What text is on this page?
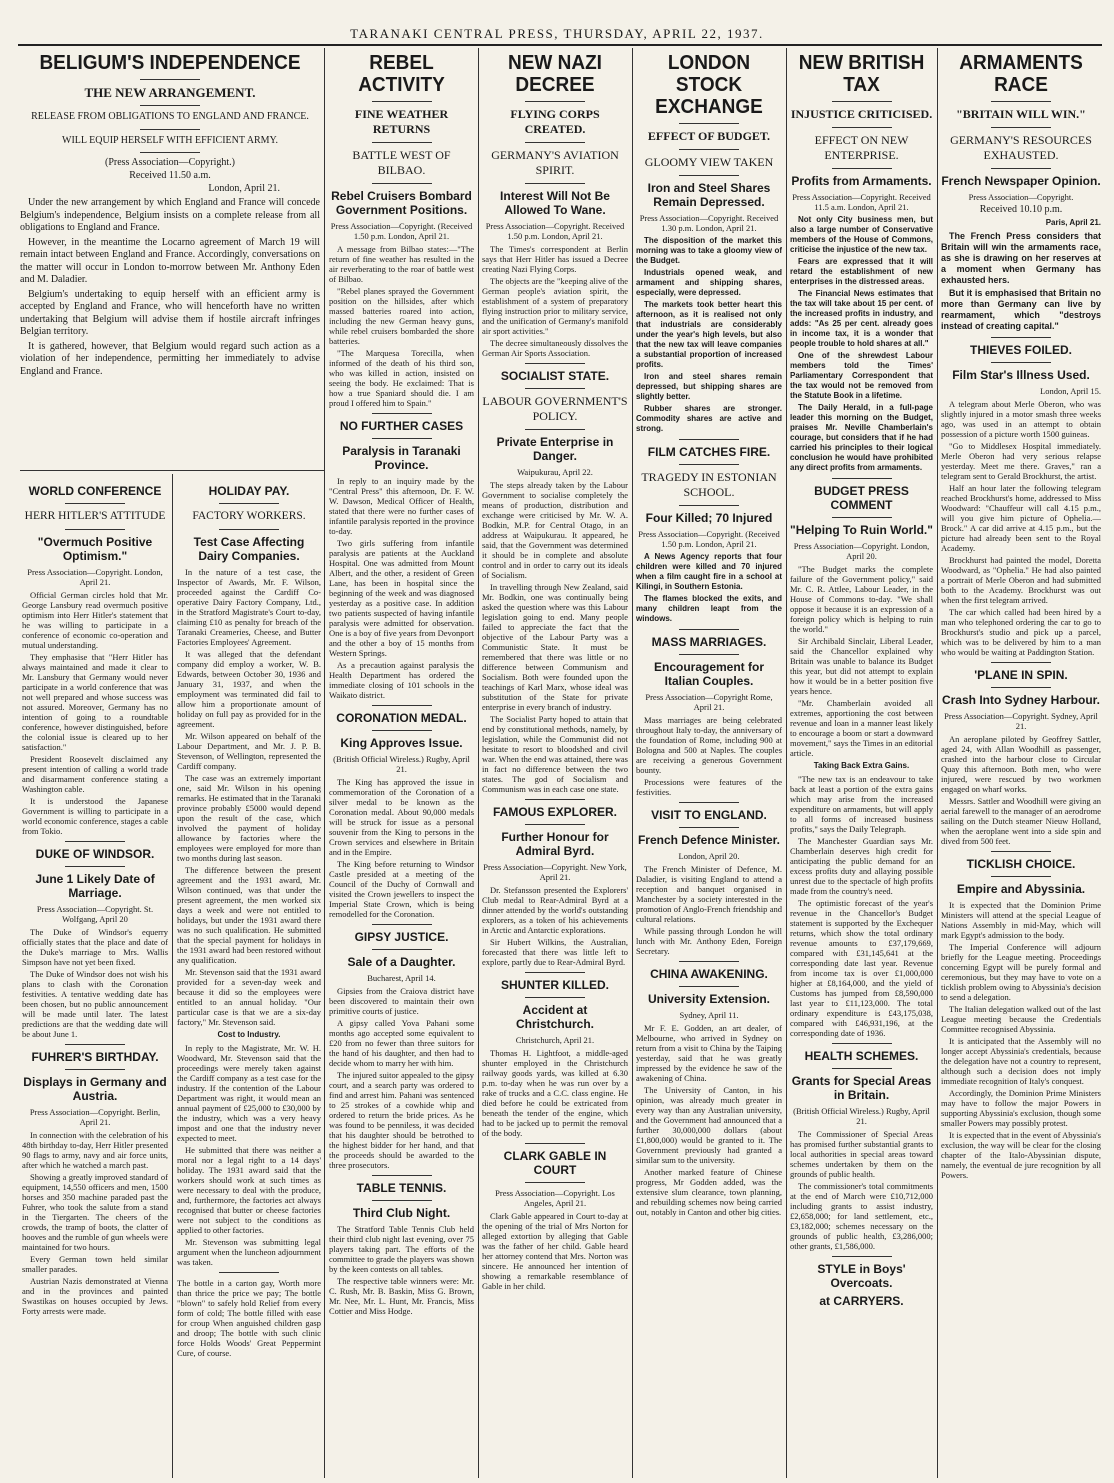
TARANAKI CENTRAL PRESS, THURSDAY, APRIL 22, 1937.
BELIGUM'S INDEPENDENCE
THE NEW ARRANGEMENT.
RELEASE FROM OBLIGATIONS TO ENGLAND AND FRANCE.
WILL EQUIP HERSELF WITH EFFICIENT ARMY.
(Press Association—Copyright.)
Received 11.50 a.m.
London, April 21.

Under the new arrangement by which England and France will concede Belgium's independence, Belgium insists on a complete release from all obligations to England and France.

However, in the meantime the Locarno agreement of March 19 will remain intact between England and France. Accordingly, conversations on the matter will occur in London to-morrow between Mr. Anthony Eden and M. Daladier.

Belgium's undertaking to equip herself with an efficient army is accepted by England and France, who will henceforth have no written undertaking that Belgium will advise them if hostile aircraft infringes Belgian territory.

It is gathered, however, that Belgium would regard such action as a violation of her independence, permitting her immediately to advise England and France.

WORLD CONFERENCE
HERR HITLER'S ATTITUDE
"Overmuch Positive Optimism."
Press Association—Copyright. London, April 21.

Official German circles hold that Mr. George Lansbury read overmuch positive optimism into Herr Hitler's statement that he was willing to participate in a conference of economic co-operation and mutual understanding.

They emphasise that "Herr Hitler has always maintained and made it clear to Mr. Lansbury that Germany would never participate in a world conference that was not well prepared and whose success was not assured. Moreover, Germany has no intention of going to a roundtable conference, however distinguished, before the colonial issue is cleared up to her satisfaction."

President Roosevelt disclaimed any present intention of calling a world trade and disarmament conference stating a Washington cable.

It is understood the Japanese Government is willing to participate in a world economic conference, stages a cable from Tokio.

DUKE OF WINDSOR.
June 1 Likely Date of Marriage.
Press Association—Copyright. St. Wolfgang, April 20

The Duke of Windsor's equerry officially states that the place and date of the Duke's marriage to Mrs. Wallis Simpson have not yet been fixed.

The Duke of Windsor does not wish his plans to clash with the Coronation festivities. A tentative wedding date has been chosen, but no public announcement will be made until later. The latest predictions are that the wedding date will be about June 1.

FUHRER'S BIRTHDAY.
Displays in Germany and Austria.
Press Association—Copyright. Berlin, April 21.

In connection with the celebration of his 48th birthday to-day, Herr Hitler presented 90 flags to army, navy and air force units, after which he watched a march past.

Showing a greatly improved standard of equipment, 14,550 officers and men, 1500 horses and 350 machine paraded past the Fuhrer, who took the salute from a stand in the Tiergarten. The cheers of the crowds, the tramp of boots, the clatter of hooves and the rumble of gun wheels were maintained for two hours.

Every German town held similar smaller parades.

Austrian Nazis demonstrated at Vienna and in the provinces and painted Swastikas on houses occupied by Jews. Forty arrests were made.

HOLIDAY PAY.
FACTORY WORKERS.
Test Case Affecting Dairy Companies.

In the nature of a test case, the Inspector of Awards, Mr. F. Wilson, proceeded against the Cardiff Co-operative Dairy Factory Company, Ltd., in the Stratford Magistrate's Court to-day, claiming £10 as penalty for breach of the Taranaki Creameries, Cheese, and Butter Factories Employees' Agreement.

It was alleged that the defendant company did employ a worker, W. B. Edwards, between October 30, 1936 and January 31, 1937, and when the employment was terminated did fail to allow him a proportionate amount of holiday on full pay as provided for in the agreement.

Mr. Wilson appeared on behalf of the Labour Department, and Mr. J. P. B. Stevenson, of Wellington, represented the Cardiff company.

The case was an extremely important one, said Mr. Wilson in his opening remarks. He estimated that in the Taranaki province probably £5000 would depend upon the result of the case, which involved the payment of holiday allowance by factories where the employees were employed for more than two months during last season.

The difference between the present agreement and the 1931 award, Mr. Wilson continued, was that under the present agreement, the men worked six days a week and were not entitled to holidays, but under the 1931 award there was no such qualification. He submitted that the special payment for holidays in the 1931 award had been restored without any qualification.

Mr. Stevenson said that the 1931 award provided for a seven-day week and because it did so the employees were entitled to an annual holiday. "Our particular case is that we are a six-day factory," Mr. Stevenson said.

Cost to Industry.

In reply to the Magistrate, Mr. W. H. Woodward, Mr. Stevenson said that the proceedings were merely taken against the Cardiff company as a test case for the industry. If the contention of the Labour Department was right, it would mean an annual payment of £25,000 to £30,000 by the industry, which was a very heavy impost and one that the industry never expected to meet.

He submitted that there was neither a moral nor a legal right to a 14 days' holiday. The 1931 award said that the workers should work at such times as were necessary to deal with the produce, and, furthermore, the factories act always recognised that butter or cheese factories were not subject to the conditions as applied to other factories.

Mr. Stevenson was submitting legal argument when the luncheon adjournment was taken.

The bottle in a carton gay, Worth more than thrice the price we pay; The bottle "blown" to safely hold Relief from every form of cold; The bottle filled with ease for croup When anguished children gasp and droop; The bottle with such clinic force Holds Woods' Great Peppermint Cure, of course.

REBEL ACTIVITY
FINE WEATHER RETURNS
BATTLE WEST OF BILBAO.
Rebel Cruisers Bombard Government Positions.
Press Association—Copyright. (Received 1.50 p.m. London, April 21.

A message from Bilbao states:—"The return of fine weather has resulted in the air reverberating to the roar of battle west of Bilbao.

"Rebel planes sprayed the Government position on the hillsides, after which massed batteries roared into action, including the new German heavy guns, while rebel cruisers bombarded the shore batteries.

"The Marquesa Torecilla, when informed of the death of his third son, who was killed in action, insisted on seeing the body. He exclaimed: That is how a true Spaniard should die. I am proud I offered him to Spain."

NO FURTHER CASES
Paralysis in Taranaki Province.

In reply to an inquiry made by the "Central Press" this afternoon, Dr. F. W. W. Dawson, Medical Officer of Health, stated that there were no further cases of infantile paralysis reported in the province to-day.

Two girls suffering from infantile paralysis are patients at the Auckland Hospital. One was admitted from Mount Albert, and the other, a resident of Green Lane, has been in hospital since the beginning of the week and was diagnosed yesterday as a positive case. In addition two patients suspected of having infantile paralysis were admitted for observation. One is a boy of five years from Devonport and the other a boy of 15 months from Western Springs.

As a precaution against paralysis the Health Department has ordered the immediate closing of 101 schools in the Waikato district.

CORONATION MEDAL.
King Approves Issue.
(British Official Wireless.) Rugby, April 21.

The King has approved the issue in commemoration of the Coronation of a silver medal to be known as the Coronation medal. About 90,000 medals will be struck for issue as a personal souvenir from the King to persons in the Crown services and elsewhere in Britain and in the Empire.

The King before returning to Windsor Castle presided at a meeting of the Council of the Duchy of Cornwall and visited the Crown jewellers to inspect the Imperial State Crown, which is being remodelled for the Coronation.

GIPSY JUSTICE.
Sale of a Daughter.
Bucharest, April 14.

Gipsies from the Craiova district have been discovered to maintain their own primitive courts of justice.

A gipsy called Yova Pahani some months ago accepted some equivalent to £20 from no fewer than three suitors for the hand of his daughter, and then had to decide whom to marry her with him.

The injured suitor appealed to the gipsy court, and a search party was ordered to find and arrest him. Pahani was sentenced to 25 strokes of a cowhide whip and ordered to return the bride prices. As he was found to be penniless, it was decided that his daughter should be betrothed to the highest bidder for her hand, and that the proceeds should be awarded to the three prosecutors.

TABLE TENNIS.
Third Club Night.

The Stratford Table Tennis Club held their third club night last evening, over 75 players taking part. The efforts of the committee to grade the players was shown by the keen contests on all tables.

The respective table winners were: Mr. C. Rush, Mr. B. Baskin, Miss G. Brown, Mr. Nee, Mr. L. Hunt, Mr. Francis, Miss Cottier and Miss Hodge.

NEW NAZI DECREE
FLYING CORPS CREATED.
GERMANY'S AVIATION SPIRIT.
Interest Will Not Be Allowed To Wane.
Press Association—Copyright. Received 1.50 p.m. London, April 21.

The Times's correspondent at Berlin says that Herr Hitler has issued a Decree creating Nazi Flying Corps.

The objects are the "keeping alive of the German people's aviation spirit, the establishment of a system of preparatory flying instruction prior to military service, and the unification of Germany's manifold air sport activities."

The decree simultaneously dissolves the German Air Sports Association.

SOCIALIST STATE.
LABOUR GOVERNMENT'S POLICY.
Private Enterprise in Danger.
Waipukurau, April 22.

The steps already taken by the Labour Government to socialise completely the means of production, distribution and exchange were criticised by Mr. W. A. Bodkin, M.P. for Central Otago, in an address at Waipukurau. It appeared, he said, that the Government was determined it should be in complete and absolute control and in order to carry out its ideals of Socialism.

In travelling through New Zealand, said Mr. Bodkin, one was continually being asked the question where was this Labour legislation going to end. Many people failed to appreciate the fact that the objective of the Labour Party was a Communistic State. It must be remembered that there was little or no difference between Communism and Socialism. Both were founded upon the teachings of Karl Marx, whose ideal was substitution of the State for private enterprise in every branch of industry.

The Socialist Party hoped to attain that end by constitutional methods, namely, by legislation, while the Communist did not hesitate to resort to bloodshed and civil war. When the end was attained, there was in fact no difference between the two states. The god of Socialism and Communism was in each case one state.

FAMOUS EXPLORER.
Further Honour for Admiral Byrd.
Press Association—Copyright. New York, April 21.

Dr. Stefansson presented the Explorers' Club medal to Rear-Admiral Byrd at a dinner attended by the world's outstanding explorers, as a token of his achievements in Arctic and Antarctic explorations.

Sir Hubert Wilkins, the Australian, forecasted that there was little left to explore, partly due to Rear-Admiral Byrd.

SHUNTER KILLED.
Accident at Christchurch.
Christchurch, April 21.

Thomas H. Lightfoot, a middle-aged shunter employed in the Christchurch railway goods yards, was killed at 6.30 p.m. to-day when he was run over by a rake of trucks and a C.C. class engine. He died before he could be extricated from beneath the tender of the engine, which had to be jacked up to permit the removal of the body.

CLARK GABLE IN COURT
Press Association—Copyright. Los Angeles, April 21.

Clark Gable appeared in Court to-day at the opening of the trial of Mrs Norton for alleged extortion by alleging that Gable was the father of her child. Gable heard her attorney contend that Mrs. Norton was sincere. He announced her intention of showing a remarkable resemblance of Gable in her child.

LONDON STOCK EXCHANGE
EFFECT OF BUDGET.
GLOOMY VIEW TAKEN
Iron and Steel Shares Remain Depressed.
Press Association—Copyright. Received 1.30 p.m. London, April 21.

The disposition of the market this morning was to take a gloomy view of the Budget.

Industrials opened weak, and armament and shipping shares, especially, were depressed.

The markets took better heart this afternoon, as it is realised not only that industrials are considerably under the year's high levels, but also that the new tax will leave companies a substantial proportion of increased profits.

Iron and steel shares remain depressed, but shipping shares are slightly better.

Rubber shares are stronger. Commodity shares are active and strong.

FILM CATCHES FIRE.
TRAGEDY IN ESTONIAN SCHOOL.
Four Killed; 70 Injured
Press Association—Copyright. (Received 1.50 p.m. London, April 21.

A News Agency reports that four children were killed and 70 injured when a film caught fire in a school at Kilingi, in Southern Estonia.

The flames blocked the exits, and many children leapt from the windows.

MASS MARRIAGES.
Encouragement for Italian Couples.
Press Association—Copyright Rome, April 21.

Mass marriages are being celebrated throughout Italy to-day, the anniversary of the foundation of Rome, including 900 at Bologna and 500 at Naples. The couples are receiving a generous Government bounty.

Processions were features of the festivities.

VISIT TO ENGLAND.
French Defence Minister.
London, April 20.

The French Minister of Defence, M. Daladier, is visiting England to attend a reception and banquet organised in Manchester by a society interested in the promotion of Anglo-French friendship and cultural relations.

While passing through London he will lunch with Mr. Anthony Eden, Foreign Secretary.

CHINA AWAKENING.
University Extension.
Sydney, April 11.

Mr F. E. Godden, an art dealer, of Melbourne, who arrived in Sydney on return from a visit to China by the Taiping yesterday, said that he was greatly impressed by the evidence he saw of the awakening of China.

The University of Canton, in his opinion, was already much greater in every way than any Australian university, and the Government had announced that a further 30,000,000 dollars (about £1,800,000) would be granted to it. The Government previously had granted a similar sum to the university.

Another marked feature of Chinese progress, Mr Godden added, was the extensive slum clearance, town planning, and rebuilding schemes now being carried out, notably in Canton and other big cities.

NEW BRITISH TAX
INJUSTICE CRITICISED.
EFFECT ON NEW ENTERPRISE.
Profits from Armaments.
Press Association—Copyright. Received 11.5 a.m. London, April 21.

Not only City business men, but also a large number of Conservative members of the House of Commons, criticise the injustice of the new tax.

Fears are expressed that it will retard the establishment of new enterprises in the distressed areas.

The Financial News estimates that the tax will take about 15 per cent. of the increased profits in industry, and adds: "As 25 per cent. already goes in income tax, it is a wonder that people trouble to hold shares at all."

One of the shrewdest Labour members told the Times' Parliamentary Correspondent that the tax would not be removed from the Statute Book in a lifetime.

The Daily Herald, in a full-page leader this morning on the Budget, praises Mr. Neville Chamberlain's courage, but considers that if he had carried his principles to their logical conclusion he would have prohibited any direct profits from armaments.

BUDGET PRESS COMMENT
"Helping To Ruin World."
Press Association—Copyright. London, April 20.

"The Budget marks the complete failure of the Government policy," said Mr. C. R. Attlee, Labour Leader, in the House of Commons to-day. "We shall oppose it because it is an expression of a foreign policy which is helping to ruin the world."

Sir Archibald Sinclair, Liberal Leader, said the Chancellor explained why Britain was unable to balance its Budget this year, but did not attempt to explain how it would be in a better position five years hence.

"Mr. Chamberlain avoided all extremes, apportioning the cost between revenue and loan in a manner least likely to encourage a boom or start a downward movement," says the Times in an editorial article.

Taking Back Extra Gains.

"The new tax is an endeavour to take back at least a portion of the extra gains which may arise from the increased expenditure on armaments, but will apply to all forms of increased business profits," says the Daily Telegraph.

The Manchester Guardian says Mr. Chamberlain deserves high credit for anticipating the public demand for an excess profits duty and allaying possible unrest due to the spectacle of high profits made from the country's need.

The optimistic forecast of the year's revenue in the Chancellor's Budget statement is supported by the Exchequer returns, which show the total ordinary revenue amounts to £37,179,669, compared with £31,145,641 at the corresponding date last year. Revenue from income tax is over £1,000,000 higher at £8,164,000, and the yield of Customs has jumped from £8,590,000 last year to £11,123,000. The total ordinary expenditure is £43,175,038, compared with £46,931,196, at the corresponding date of 1936.

HEALTH SCHEMES.
Grants for Special Areas in Britain.
(British Official Wireless.) Rugby, April 21.

The Commissioner of Special Areas has promised further substantial grants to local authorities in special areas toward schemes undertaken by them on the grounds of public health.

The commissioner's total commitments at the end of March were £10,712,000 including grants to assist industry, £2,658,000; for land settlement, etc., £3,182,000; schemes necessary on the grounds of public health, £3,286,000; other grants, £1,586,000.

STYLE in Boys' Overcoats.
at CARRYERS.
ARMAMENTS RACE
"BRITAIN WILL WIN."
GERMANY'S RESOURCES EXHAUSTED.
French Newspaper Opinion.
Press Association—Copyright.
Received 10.10 p.m.
Paris, April 21.

The French Press considers that Britain will win the armaments race, as she is drawing on her reserves at a moment when Germany has exhausted hers.

But it is emphasised that Britain no more than Germany can live by rearmament, which "destroys instead of creating capital."

THIEVES FOILED.
Film Star's Illness Used.
London, April 15.

A telegram about Merle Oberon, who was slightly injured in a motor smash three weeks ago, was used in an attempt to obtain possession of a picture worth 1500 guineas.

"Go to Middlesex Hospital immediately. Merle Oberon had very serious relapse yesterday. Meet me there. Graves," ran a telegram sent to Gerald Brockhurst, the artist.

Half an hour later the following telegram reached Brockhurst's home, addressed to Miss Woodward: "Chauffeur will call 4.15 p.m., will you give him picture of Ophelia.—Brock." A car did arrive at 4.15 p.m., but the picture had already been sent to the Royal Academy.

Brockhurst had painted the model, Doretta Woodward, as "Ophelia." He had also painted a portrait of Merle Oberon and had submitted both to the Academy. Brockhurst was out when the first telegram arrived.

The car which called had been hired by a man who telephoned ordering the car to go to Brockhurst's studio and pick up a parcel, which was to be delivered by him to a man who would be waiting at Paddington Station.

'PLANE IN SPIN.
Crash Into Sydney Harbour.
Press Association—Copyright. Sydney, April 21.

An aeroplane piloted by Geoffrey Sattler, aged 24, with Allan Woodhill as passenger, crashed into the harbour close to Circular Quay this afternoon. Both men, who were injured, were rescued by two workmen engaged on wharf works.

Messrs. Sattler and Woodhill were giving an aerial farewell to the manager of an aerodrome sailing on the Dutch steamer Nieuw Holland, when the aeroplane went into a side spin and dived from 500 feet.

TICKLISH CHOICE.
Empire and Abyssinia.

It is expected that the Dominion Prime Ministers will attend at the special League of Nations Assembly in mid-May, which will mark Egypt's admission to the body.

The Imperial Conference will adjourn briefly for the League meeting. Proceedings concerning Egypt will be purely formal and ceremonious, but they may have to vote on a ticklish problem owing to Abyssinia's decision to send a delegation.

The Italian delegation walked out of the last League meeting because the Credentials Committee recognised Abyssinia.

It is anticipated that the Assembly will no longer accept Abyssinia's credentials, because the delegation have not a country to represent, although such a decision does not imply immediate recognition of Italy's conquest.

Accordingly, the Dominion Prime Ministers may have to follow the major Powers in supporting Abyssinia's exclusion, though some smaller Powers may possibly protest.

It is expected that in the event of Abyssinia's exclusion, the way will be clear for the closing chapter of the Italo-Abyssinian dispute, namely, the eventual de jure recognition by all Powers.
